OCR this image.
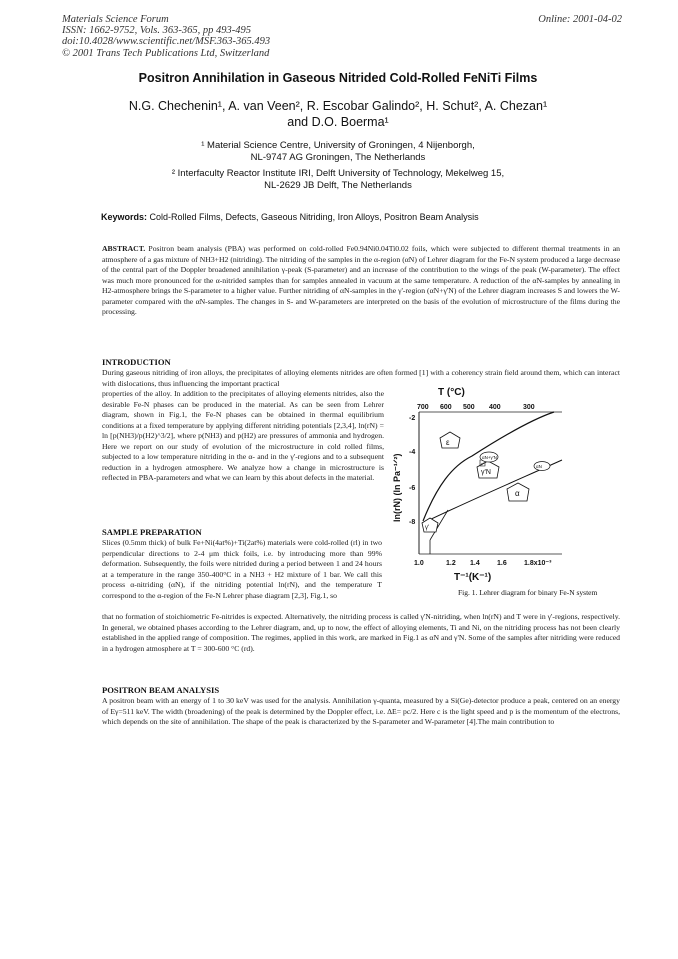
Materials Science Forum
ISSN: 1662-9752, Vols. 363-365, pp 493-495
doi:10.4028/www.scientific.net/MSF.363-365.493
© 2001 Trans Tech Publications Ltd, Switzerland
Online: 2001-04-02
Positron Annihilation in Gaseous Nitrided Cold-Rolled FeNiTi Films
N.G. Chechenin¹, A. van Veen², R. Escobar Galindo², H. Schut², A. Chezan¹
and D.O. Boerma¹
¹ Material Science Centre, University of Groningen, 4 Nijenborgh,
NL-9747 AG Groningen, The Netherlands
² Interfaculty Reactor Institute IRI, Delft University of Technology, Mekelweg 15,
NL-2629 JB Delft, The Netherlands
Keywords: Cold-Rolled Films, Defects, Gaseous Nitriding, Iron Alloys, Positron Beam Analysis
ABSTRACT. Positron beam analysis (PBA) was performed on cold-rolled Fe0.94Ni0.04Ti0.02 foils, which were subjected to different thermal treatments in an atmosphere of a gas mixture of NH3+H2 (nitriding). The nitriding of the samples in the α-region (αN) of Lehrer diagram for the Fe-N system produced a large decrease of the central part of the Doppler broadened annihilation γ-peak (S-parameter) and an increase of the contribution to the wings of the peak (W-parameter). The effect was much more pronounced for the α-nitrided samples than for samples annealed in vacuum at the same temperature. A reduction of the αN-samples by annealing in H2-atmosphere brings the S-parameter to a higher value. Further nitriding of αN-samples in the γ'-region (αN+γ'N) of the Lehrer diagram increases S and lowers the W-parameter compared with the αN-samples. The changes in S- and W-parameters are interpreted on the basis of the evolution of microstructure of the films during the processing.
INTRODUCTION
During gaseous nitriding of iron alloys, the precipitates of alloying elements nitrides are often formed [1] with a coherency strain field around them, which can interact with dislocations, thus influencing the important practical
properties of the alloy. In addition to the precipitates of alloying elements nitrides, also the desirable Fe-N phases can be produced in the material. As can be seen from Lehrer diagram, shown in Fig.1, the Fe-N phases can be obtained in thermal equilibrium conditions at a fixed temperature by applying different nitriding potentials [2,3,4], ln(rN) = ln [p(NH3)/p(H2)^3/2], where p(NH3) and p(H2) are pressures of ammonia and hydrogen. Here we report on our study of evolution of the microstructure in cold rolled films, subjected to a low temperature nitriding in the α- and in the γ'-regions and to a subsequent reduction in a hydrogen atmosphere. We analyze how a change in microstructure is reflected in PBA-parameters and what we can learn by this about defects in the material.
SAMPLE PREPARATION
Slices (0.5mm thick) of bulk Fe+Ni(4at%)+Ti(2at%) materials were cold-rolled (rl) in two perpendicular directions to 2-4 μm thick foils, i.e. by introducing more than 99% deformation. Subsequently, the foils were nitrided during a period between 1 and 24 hours at a temperature in the range 350-400°C in a NH3 + H2 mixture of 1 bar. We call this process α-nitriding (αN), if the nitriding potential ln(rN), and the temperature T correspond to the α-region of the Fe-N Lehrer phase diagram [2,3], Fig.1, so
that no formation of stoichiometric Fe-nitrides is expected. Alternatively, the nitriding process is called γ'N-nitriding, when ln(rN) and T were in γ'-regions, respectively. In general, we obtained phases according to the Lehrer diagram, and, up to now, the effect of alloying elements, Ti and Ni, on the nitriding process has not been clearly established in the applied range of composition. The regimes, applied in this work, are marked in Fig.1 as αN and γ'N. Some of the samples after nitriding were reduced in a hydrogen atmosphere at T = 300-600 °C (rd).
POSITRON BEAM ANALYSIS
A positron beam with an energy of 1 to 30 keV was used for the analysis. Annihilation γ-quanta, measured by a Si(Ge)-detector produce a peak, centered on an energy of Eγ=511 keV. The width (broadening) of the peak is determined by the Doppler effect, i.e. ΔE= pc/2. Here c is the light speed and p is the momentum of the electrons, which depends on the site of annihilation. The shape of the peak is characterized by the S-parameter and W-parameter [4].The main contribution to
T (°C)
700 600 500 400	300
-2
-4
-6
-8
ln(rN) (ln Pa⁻¹ᐟ²)
ε
γ'N
γ'
α
γ'
αN+γ'N
αN
1.0	1.2 1.4 1.6 1.8x10⁻³
T⁻¹(K⁻¹)
Fig. 1. Lehrer diagram for binary Fe-N system
